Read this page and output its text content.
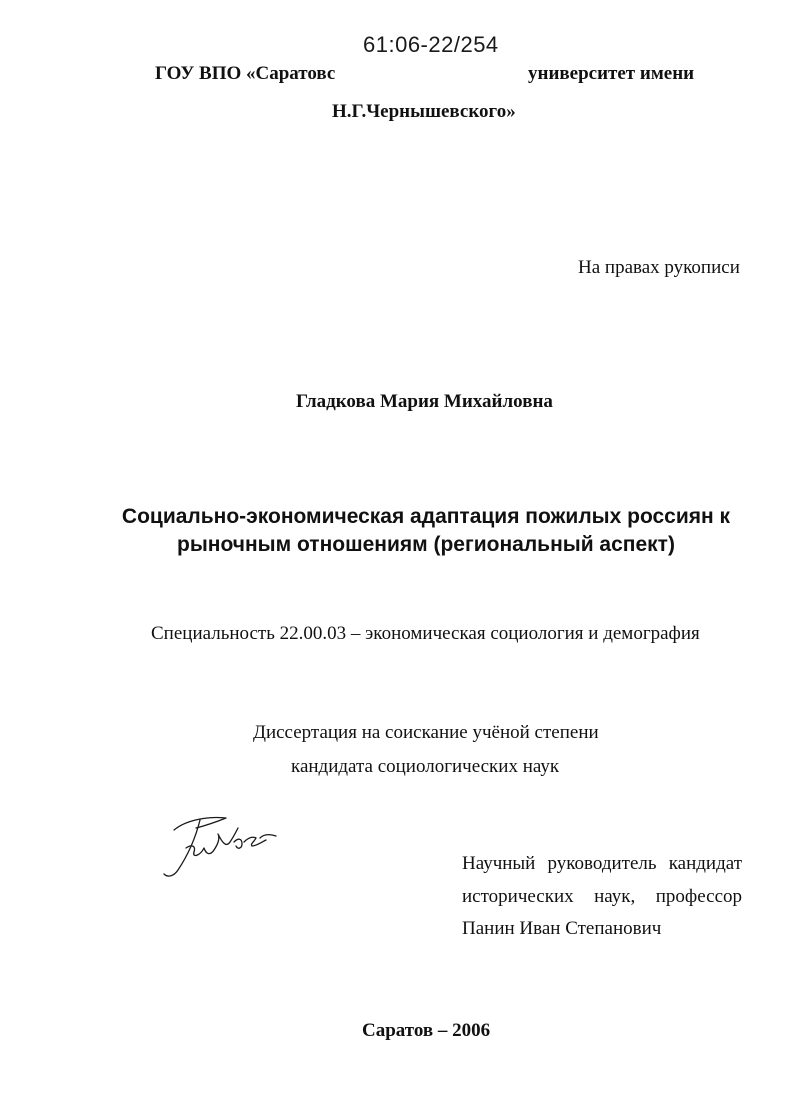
61:06-22/254
ГОУ ВПО «Саратовс	университет имени
Н.Г.Чернышевского»
На правах рукописи
Гладкова Мария Михайловна
Социально-экономическая адаптация пожилых россиян к
рыночным отношениям (региональный аспект)
Специальность 22.00.03 – экономическая социология и демография
Диссертация на соискание учёной степени
кандидата социологических наук
Научный руководитель кандидат
исторических наук, профессор
Панин Иван Степанович
Саратов – 2006
